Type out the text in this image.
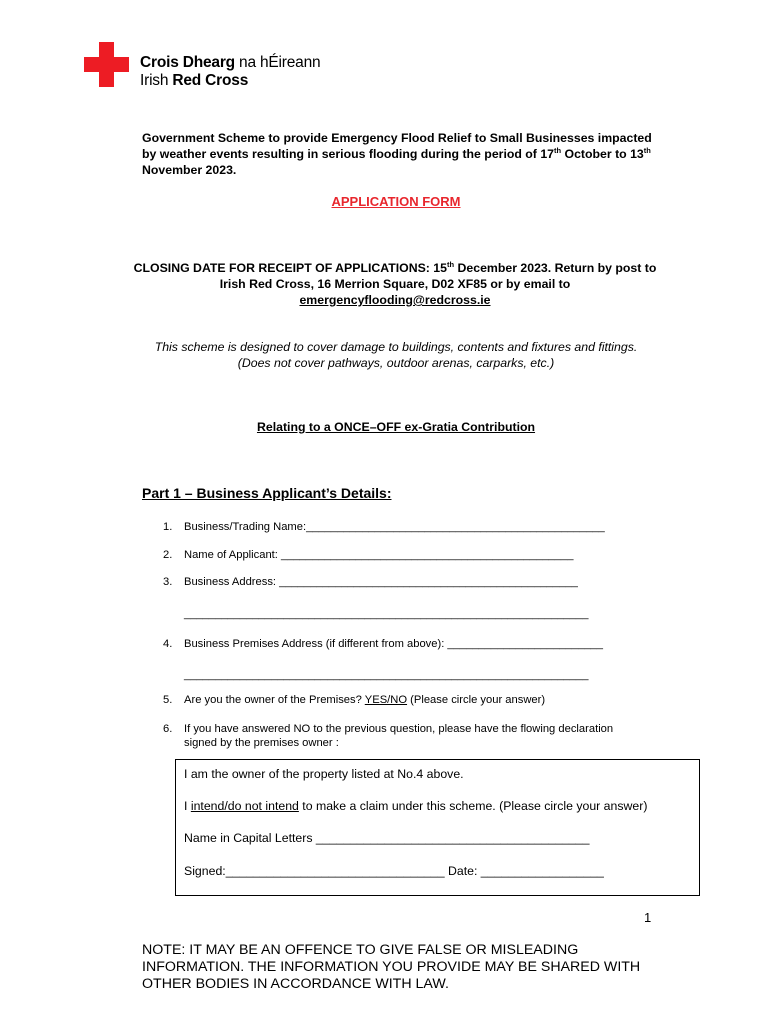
Crois Dhearg na hÉireann
Irish Red Cross
Government Scheme to provide Emergency Flood Relief to Small Businesses impacted by weather events resulting in serious flooding during the period of 17th October to 13th November 2023.
APPLICATION FORM
CLOSING DATE FOR RECEIPT OF APPLICATIONS: 15th December 2023. Return by post to Irish Red Cross, 16 Merrion Square, D02 XF85 or by email to emergencyflooding@redcross.ie
This scheme is designed to cover damage to buildings, contents and fixtures and fittings. (Does not cover pathways, outdoor arenas, carparks, etc.)
Relating to a ONCE–OFF ex-Gratia Contribution
Part 1 – Business Applicant’s Details:
1. Business/Trading Name:________________________________________________
2. Name of Applicant: _______________________________________________
3. Business Address: ________________________________________________
_________________________________________________________________
4. Business Premises Address (if different from above): _________________________
_________________________________________________________________
5. Are you the owner of the Premises? YES/NO (Please circle your answer)
6. If you have answered NO to the previous question, please have the flowing declaration
signed by the premises owner :
I am the owner of the property listed at No.4 above.
I intend/do not intend to make a claim under this scheme. (Please circle your answer)
Name in Capital Letters ________________________________________
Signed:________________________________ Date: __________________
1
NOTE: IT MAY BE AN OFFENCE TO GIVE FALSE OR MISLEADING INFORMATION. THE INFORMATION YOU PROVIDE MAY BE SHARED WITH OTHER BODIES IN ACCORDANCE WITH LAW.
